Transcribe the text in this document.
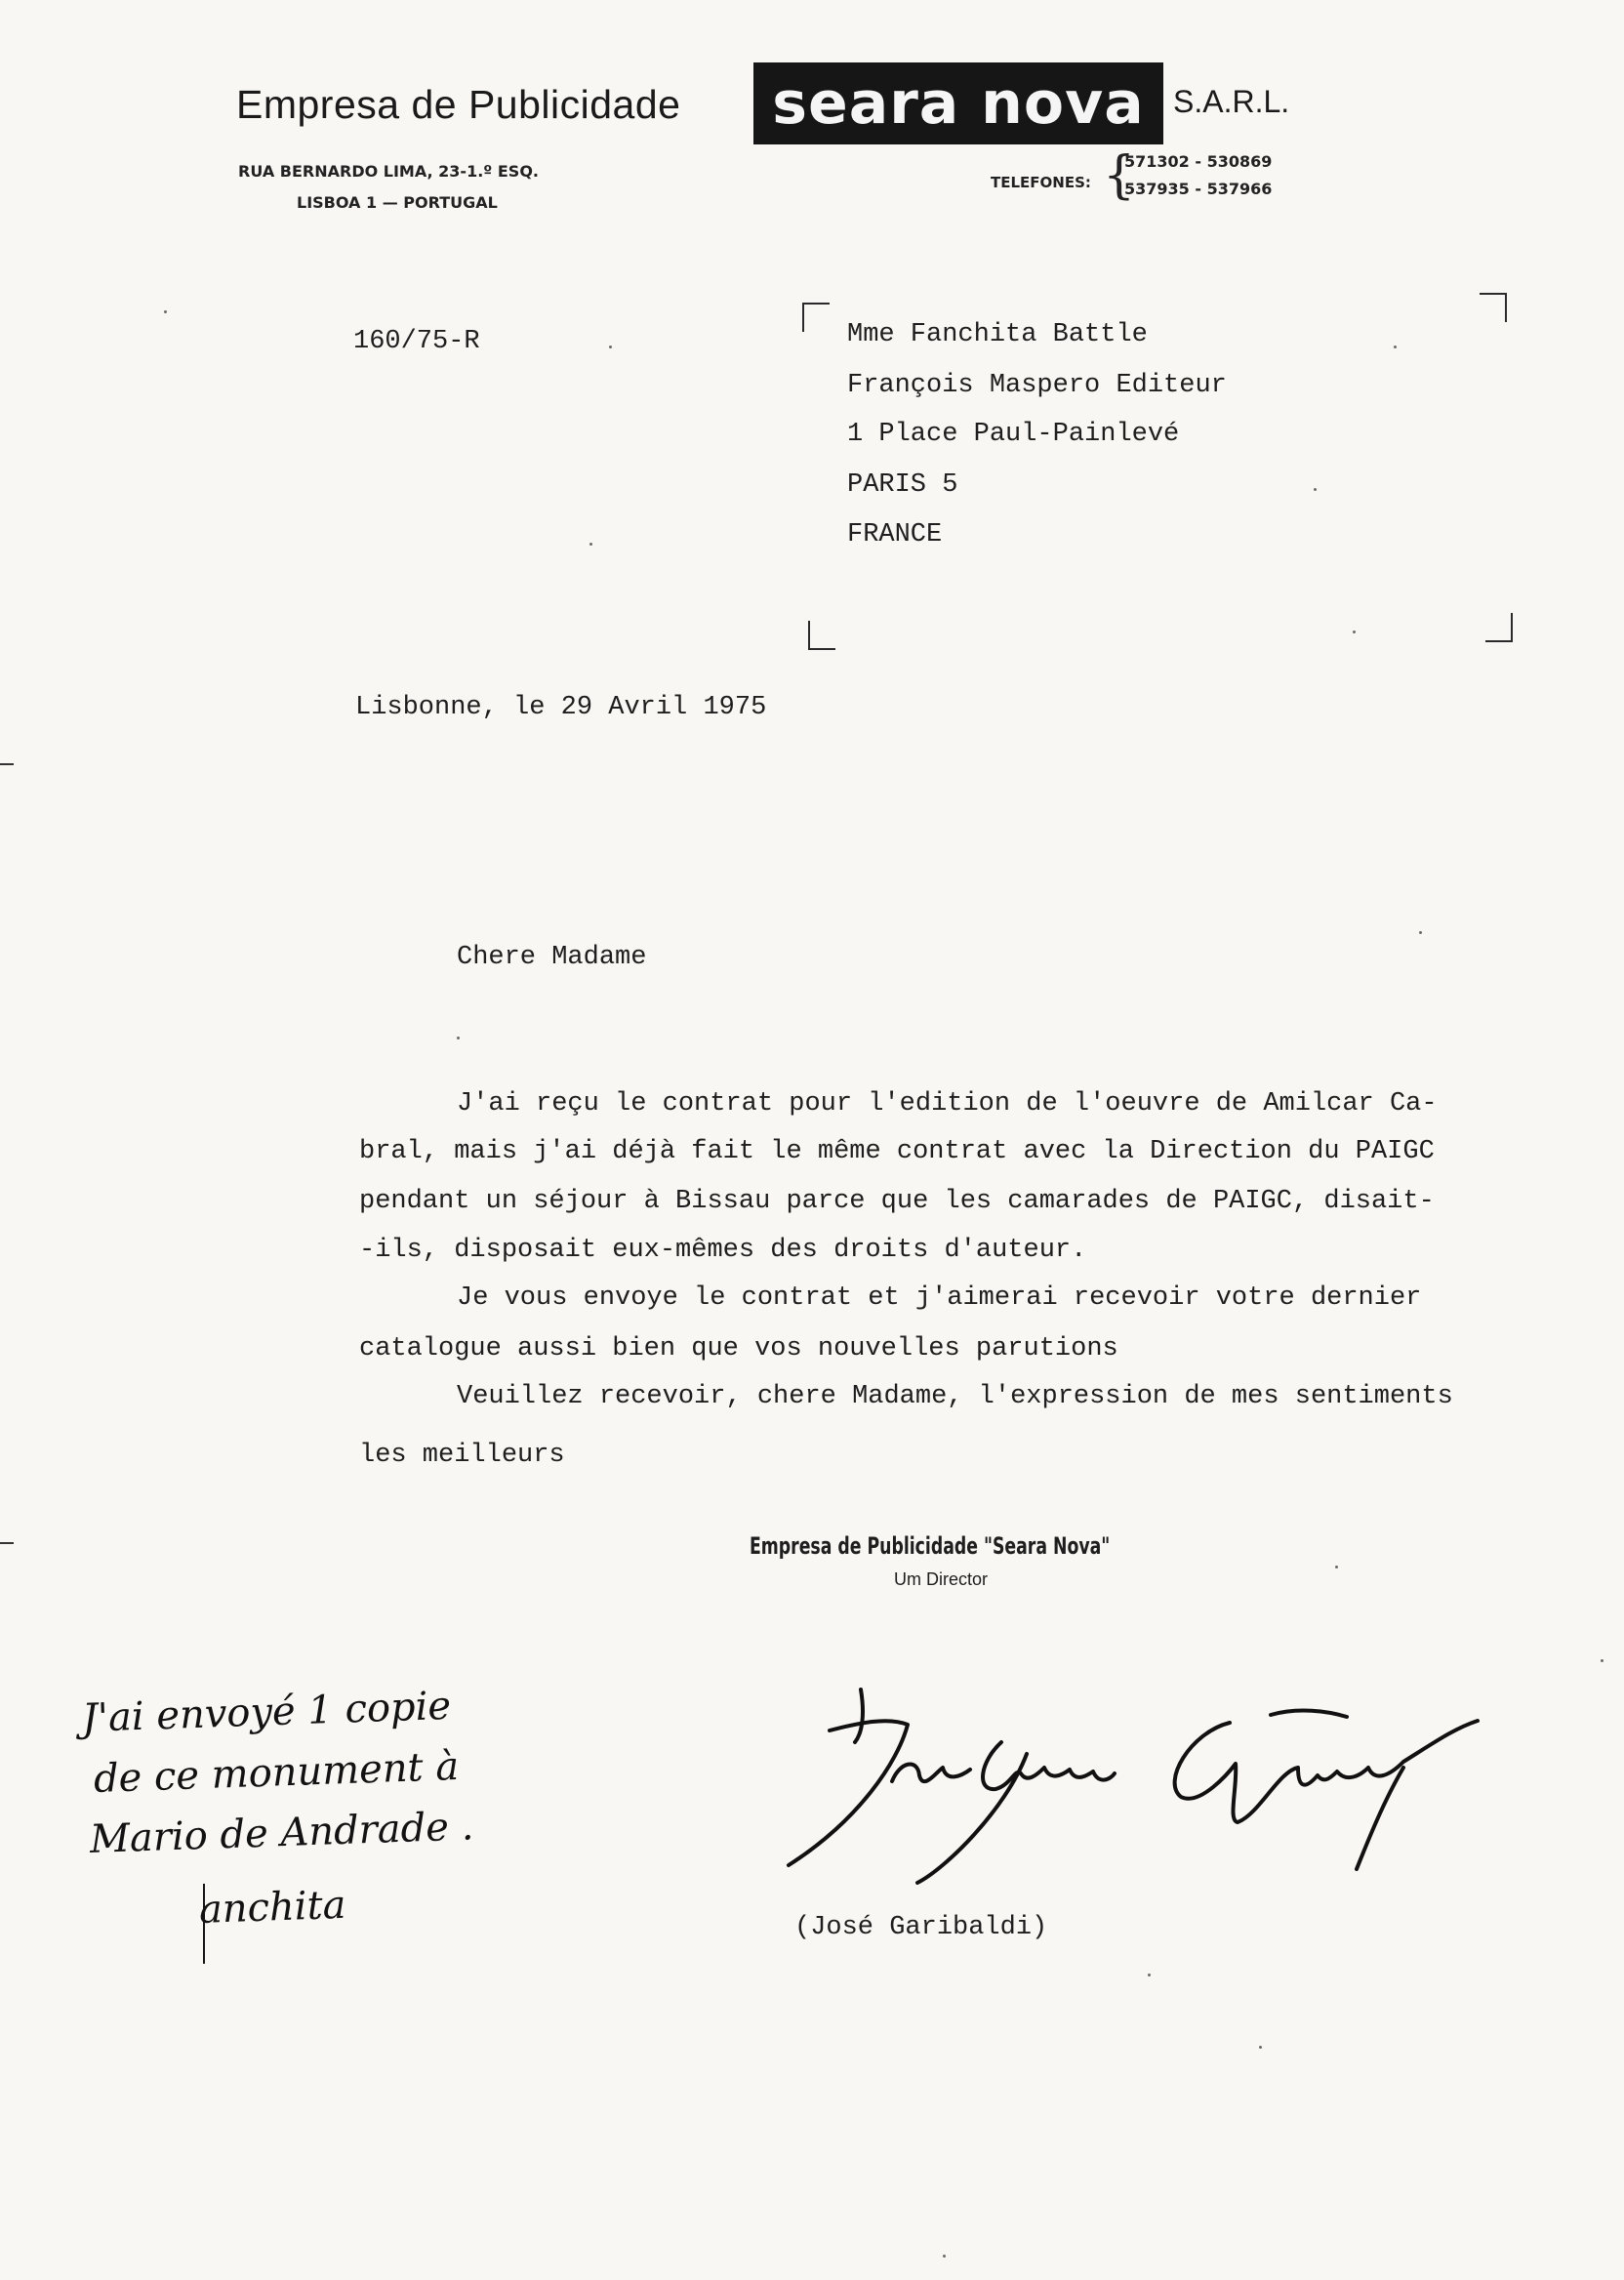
Empresa de Publicidade	seara nova S.A.R.L.
RUA BERNARDO LIMA, 23-1.º ESQ.
LISBOA 1 — PORTUGAL
TELEFONES: {
571302 - 530869
537935 - 537966
160/75-R	Mme Fanchita Battle
François Maspero Editeur
1 Place Paul-Painlevé
PARIS 5
FRANCE
Lisbonne, le 29 Avril 1975
Chere Madame
J'ai reçu le contrat pour l'edition de l'oeuvre de Amilcar Ca-
bral, mais j'ai déjà fait le même contrat avec la Direction du PAIGC
pendant un séjour à Bissau parce que les camarades de PAIGC, disait-
-ils, disposait eux-mêmes des droits d'auteur.
Je vous envoye le contrat et j'aimerai recevoir votre dernier
catalogue aussi bien que vos nouvelles parutions
Veuillez recevoir, chere Madame, l'expression de mes sentiments
les meilleurs
Empresa de Publicidade "Seara Nova"
Um Director
(José Garibaldi)
J'ai envoyé 1 copie
de ce monument à
Mario de Andrade .
anchita
